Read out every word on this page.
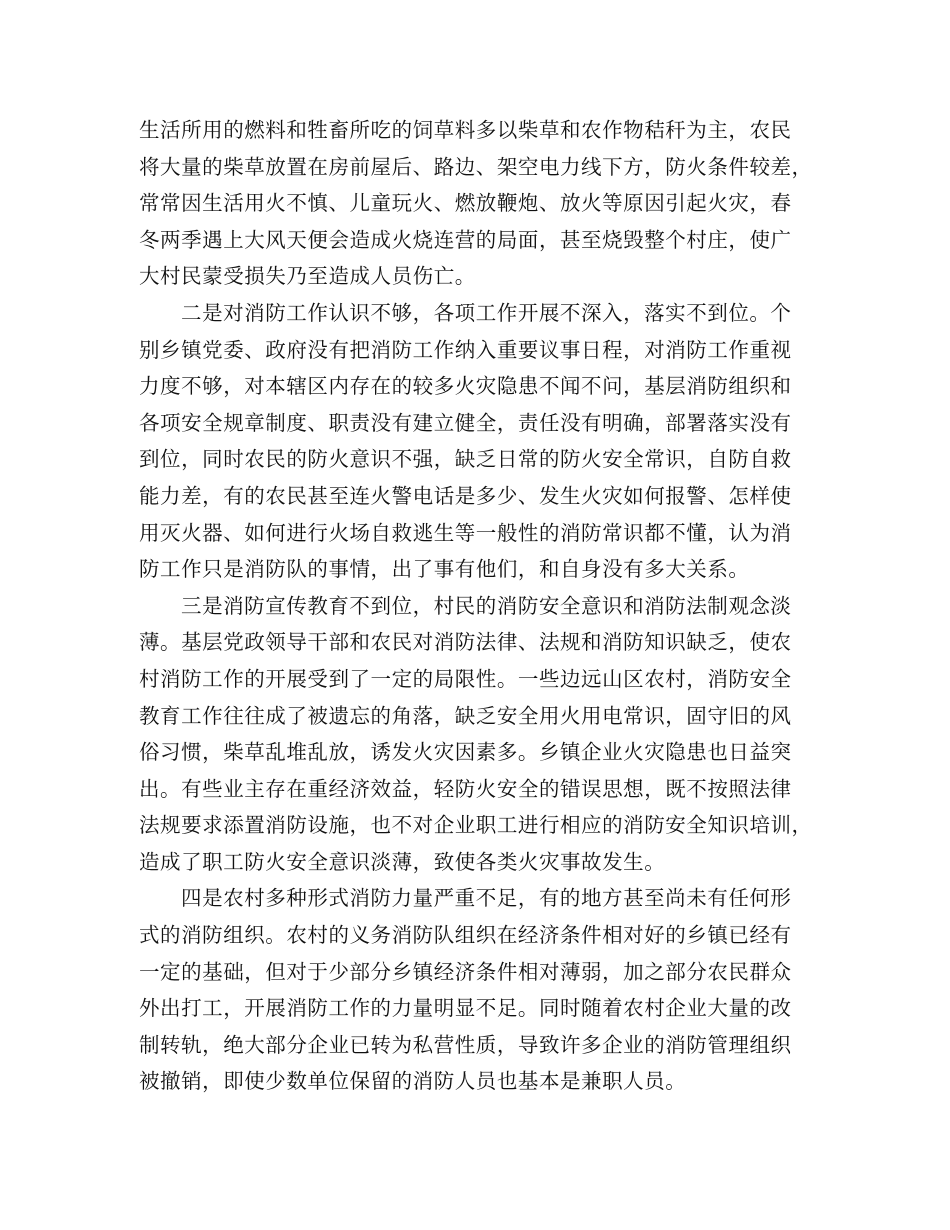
生活所用的燃料和牲畜所吃的饲草料多以柴草和农作物秸秆为主，农民
将大量的柴草放置在房前屋后、路边、架空电力线下方，防火条件较差，
常常因生活用火不慎、儿童玩火、燃放鞭炮、放火等原因引起火灾，春
冬两季遇上大风天便会造成火烧连营的局面，甚至烧毁整个村庄，使广
大村民蒙受损失乃至造成人员伤亡。

二是对消防工作认识不够，各项工作开展不深入，落实不到位。个
别乡镇党委、政府没有把消防工作纳入重要议事日程，对消防工作重视
力度不够，对本辖区内存在的较多火灾隐患不闻不问，基层消防组织和
各项安全规章制度、职责没有建立健全，责任没有明确，部署落实没有
到位，同时农民的防火意识不强，缺乏日常的防火安全常识，自防自救
能力差，有的农民甚至连火警电话是多少、发生火灾如何报警、怎样使
用灭火器、如何进行火场自救逃生等一般性的消防常识都不懂，认为消
防工作只是消防队的事情，出了事有他们，和自身没有多大关系。

三是消防宣传教育不到位，村民的消防安全意识和消防法制观念淡
薄。基层党政领导干部和农民对消防法律、法规和消防知识缺乏，使农
村消防工作的开展受到了一定的局限性。一些边远山区农村，消防安全
教育工作往往成了被遗忘的角落，缺乏安全用火用电常识，固守旧的风
俗习惯，柴草乱堆乱放，诱发火灾因素多。乡镇企业火灾隐患也日益突
出。有些业主存在重经济效益，轻防火安全的错误思想，既不按照法律
法规要求添置消防设施，也不对企业职工进行相应的消防安全知识培训，
造成了职工防火安全意识淡薄，致使各类火灾事故发生。

四是农村多种形式消防力量严重不足，有的地方甚至尚未有任何形
式的消防组织。农村的义务消防队组织在经济条件相对好的乡镇已经有
一定的基础，但对于少部分乡镇经济条件相对薄弱，加之部分农民群众
外出打工，开展消防工作的力量明显不足。同时随着农村企业大量的改
制转轨，绝大部分企业已转为私营性质，导致许多企业的消防管理组织
被撤销，即使少数单位保留的消防人员也基本是兼职人员。
